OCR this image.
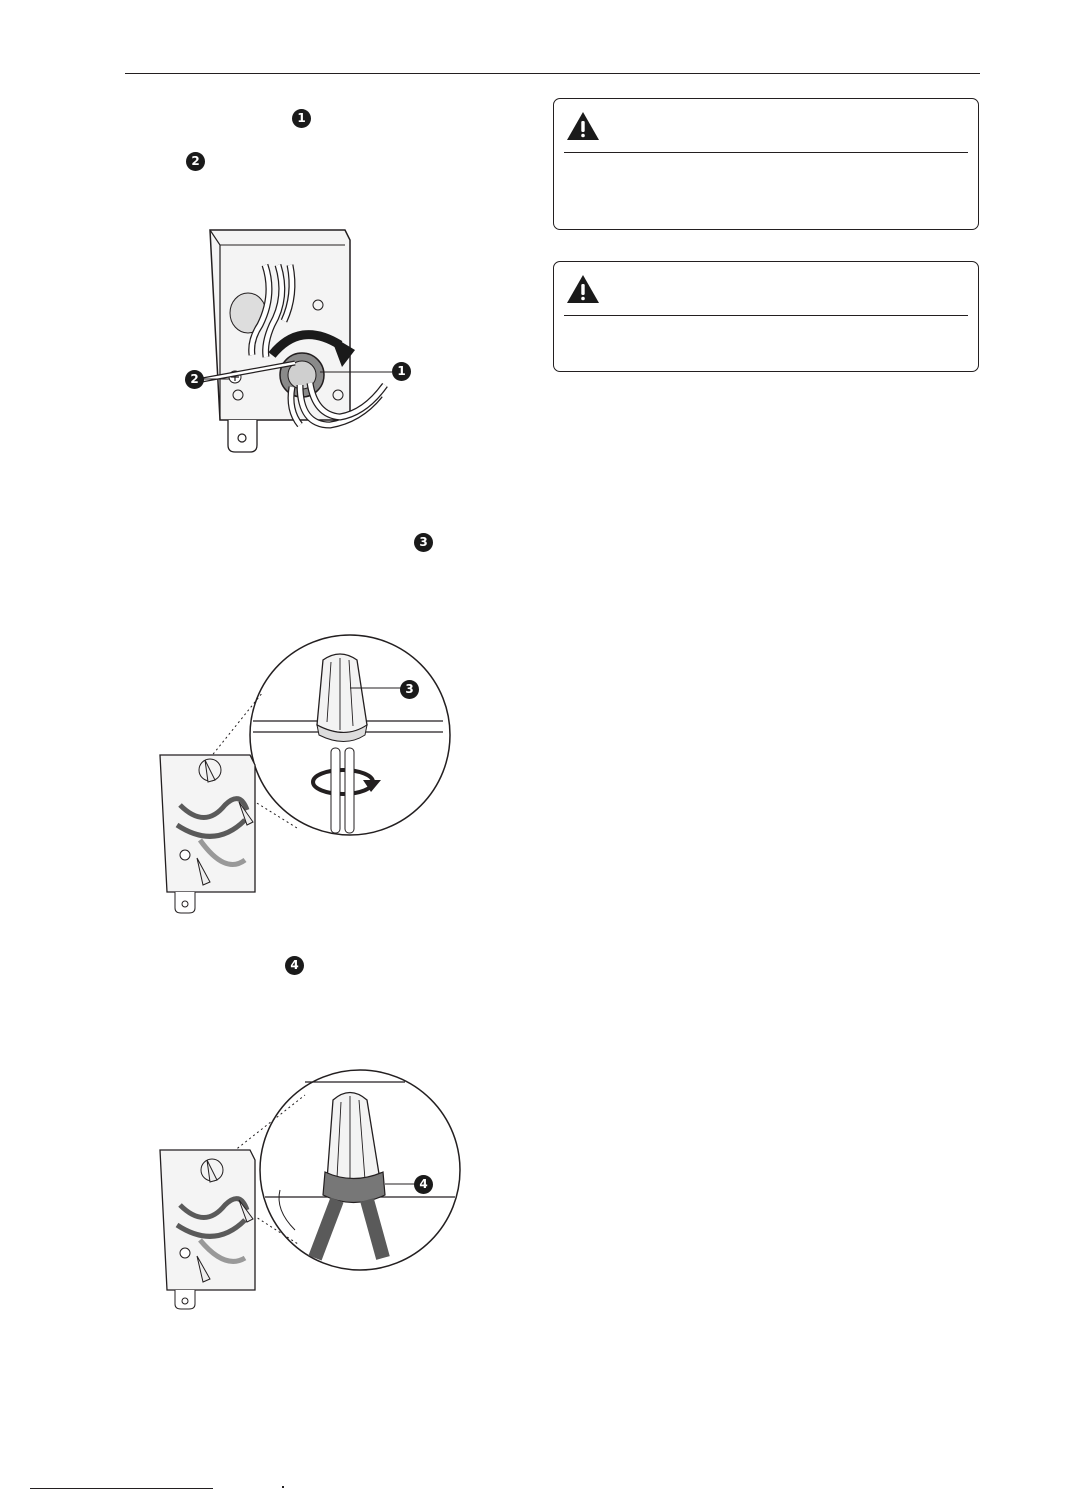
1
2
2
1
3
3
4
4
